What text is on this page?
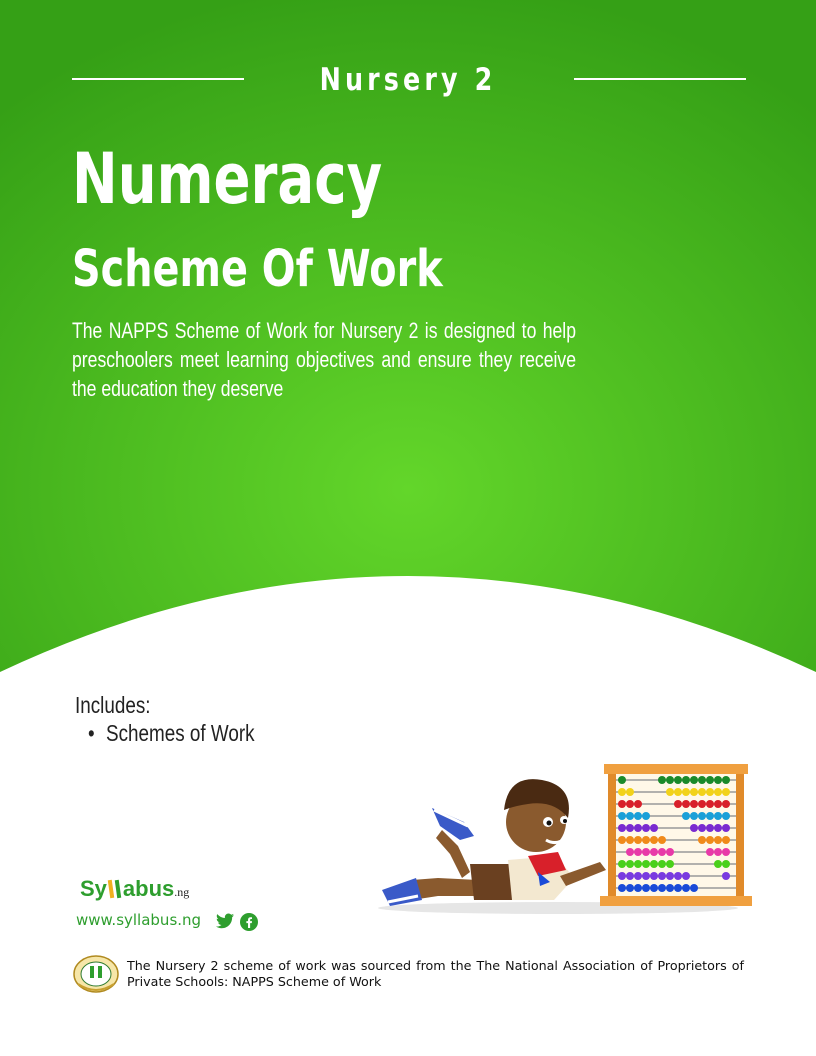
Nursery 2
Numeracy
Scheme Of Work
The NAPPS Scheme of Work for Nursery 2 is designed to help preschoolers meet learning objectives and ensure they receive the education they deserve
Includes:
• Schemes of Work
Sy abus.ng
www.syllabus.ng
The Nursery 2 scheme of work was sourced from the The National Association of Proprietors of Private Schools: NAPPS Scheme of Work
